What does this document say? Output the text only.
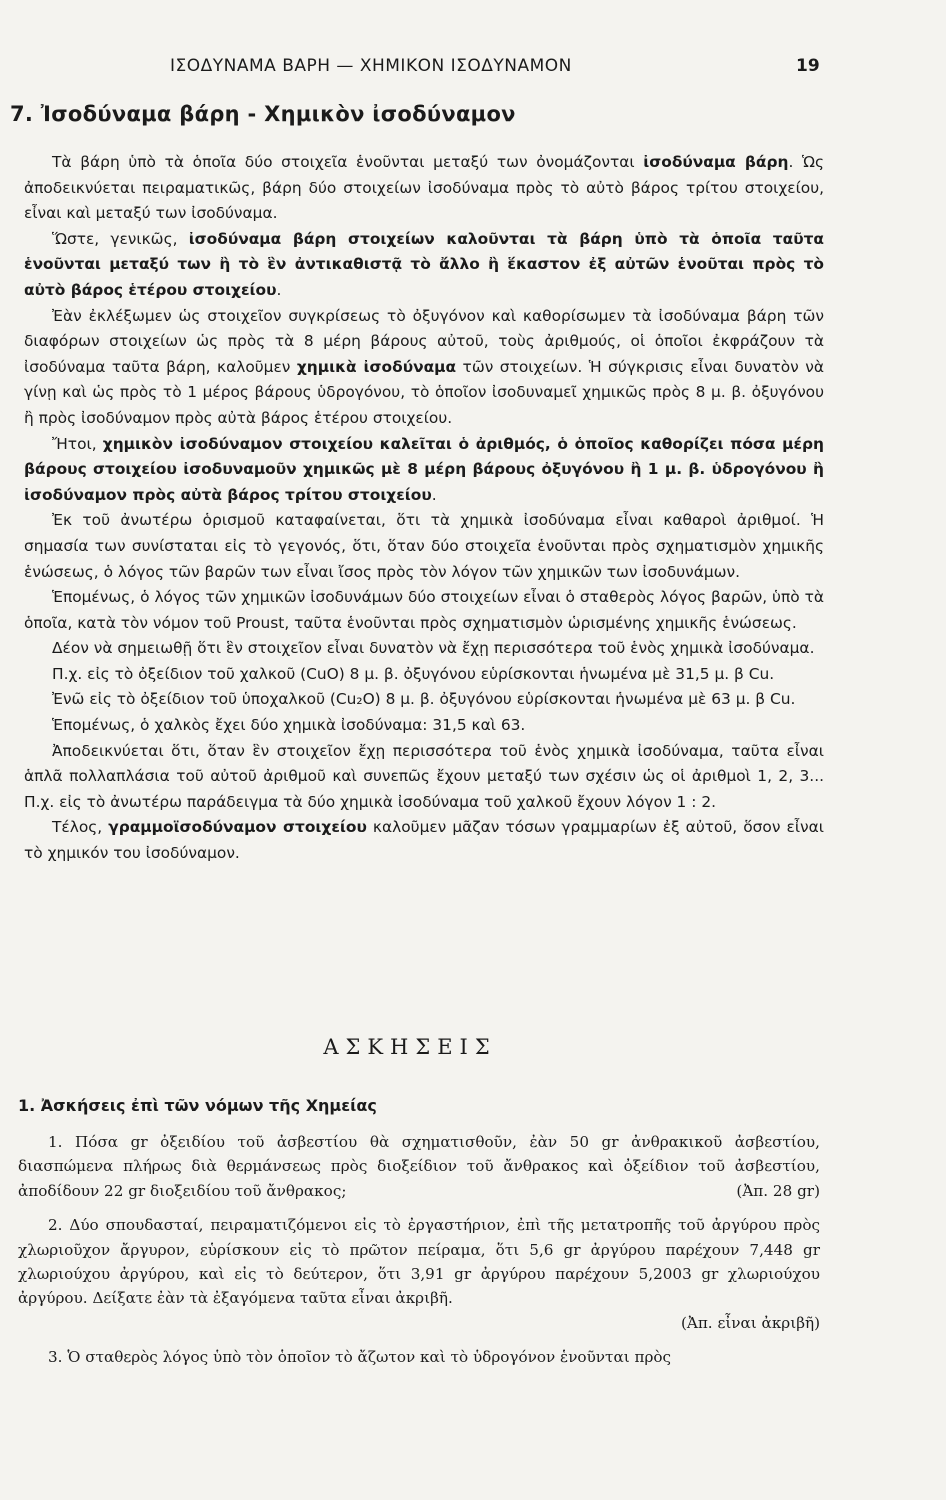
ΙΣΟΔΥΝΑΜΑ ΒΑΡΗ — ΧΗΜΙΚΟΝ ΙΣΟΔΥΝΑΜΟΝ	19
7. Ἰσοδύναμα βάρη - Χημικὸν ἰσοδύναμον

Τὰ βάρη ὑπὸ τὰ ὁποῖα δύο στοιχεῖα ἑνοῦνται μεταξύ των ὀνομάζονται ἰσοδύναμα βάρη. Ὡς ἀποδεικνύεται πειραματικῶς, βάρη δύο στοιχείων ἰσοδύναμα πρὸς τὸ αὐτὸ βάρος τρίτου στοιχείου, εἶναι καὶ μεταξύ των ἰσοδύναμα.

Ὥστε, γενικῶς, ἰσοδύναμα βάρη στοιχείων καλοῦνται τὰ βάρη ὑπὸ τὰ ὁποῖα ταῦτα ἑνοῦνται μεταξύ των ἢ τὸ ἓν ἀντικαθιστᾷ τὸ ἄλλο ἢ ἕκαστον ἐξ αὐτῶν ἑνοῦται πρὸς τὸ αὐτὸ βάρος ἑτέρου στοιχείου.

Ἐὰν ἐκλέξωμεν ὡς στοιχεῖον συγκρίσεως τὸ ὀξυγόνον καὶ καθορίσωμεν τὰ ἰσοδύναμα βάρη τῶν διαφόρων στοιχείων ὡς πρὸς τὰ 8 μέρη βάρους αὐτοῦ, τοὺς ἀριθμούς, οἱ ὁποῖοι ἐκφράζουν τὰ ἰσοδύναμα ταῦτα βάρη, καλοῦμεν χημικὰ ἰσοδύναμα τῶν στοιχείων. Ἡ σύγκρισις εἶναι δυνατὸν νὰ γίνῃ καὶ ὡς πρὸς τὸ 1 μέρος βάρους ὑδρογόνου, τὸ ὁποῖον ἰσοδυναμεῖ χημικῶς πρὸς 8 μ. β. ὀξυγόνου ἢ πρὸς ἰσοδύναμον πρὸς αὐτὰ βάρος ἑτέρου στοιχείου.

Ἤτοι, χημικὸν ἰσοδύναμον στοιχείου καλεῖται ὁ ἀριθμός, ὁ ὁποῖος καθορίζει πόσα μέρη βάρους στοιχείου ἰσοδυναμοῦν χημικῶς μὲ 8 μέρη βάρους ὀξυγόνου ἢ 1 μ. β. ὑδρογόνου ἢ ἰσοδύναμον πρὸς αὐτὰ βάρος τρίτου στοιχείου.

Ἐκ τοῦ ἀνωτέρω ὁρισμοῦ καταφαίνεται, ὅτι τὰ χημικὰ ἰσοδύναμα εἶναι καθαροὶ ἀριθμοί. Ἡ σημασία των συνίσταται εἰς τὸ γεγονός, ὅτι, ὅταν δύο στοιχεῖα ἑνοῦνται πρὸς σχηματισμὸν χημικῆς ἑνώσεως, ὁ λόγος τῶν βαρῶν των εἶναι ἴσος πρὸς τὸν λόγον τῶν χημικῶν των ἰσοδυνάμων.

Ἑπομένως, ὁ λόγος τῶν χημικῶν ἰσοδυνάμων δύο στοιχείων εἶναι ὁ σταθερὸς λόγος βαρῶν, ὑπὸ τὰ ὁποῖα, κατὰ τὸν νόμον τοῦ Proust, ταῦτα ἑνοῦνται πρὸς σχηματισμὸν ὡρισμένης χημικῆς ἑνώσεως.

Δέον νὰ σημειωθῇ ὅτι ἓν στοιχεῖον εἶναι δυνατὸν νὰ ἔχῃ περισσότερα τοῦ ἑνὸς χημικὰ ἰσοδύναμα.

Π.χ. εἰς τὸ ὀξείδιον τοῦ χαλκοῦ (CuO) 8 μ. β. ὀξυγόνου εὑρίσκονται ἡνωμένα μὲ 31,5 μ. β Cu.

Ἐνῶ εἰς τὸ ὀξείδιον τοῦ ὑποχαλκοῦ (Cu₂O) 8 μ. β. ὀξυγόνου εὑρίσκονται ἡνωμένα μὲ 63 μ. β Cu.

Ἑπομένως, ὁ χαλκὸς ἔχει δύο χημικὰ ἰσοδύναμα: 31,5 καὶ 63.

Ἀποδεικνύεται ὅτι, ὅταν ἓν στοιχεῖον ἔχῃ περισσότερα τοῦ ἑνὸς χημικὰ ἰσοδύναμα, ταῦτα εἶναι ἁπλᾶ πολλαπλάσια τοῦ αὐτοῦ ἀριθμοῦ καὶ συνεπῶς ἔχουν μεταξύ των σχέσιν ὡς οἱ ἀριθμοὶ 1, 2, 3... Π.χ. εἰς τὸ ἀνωτέρω παράδειγμα τὰ δύο χημικὰ ἰσοδύναμα τοῦ χαλκοῦ ἔχουν λόγον 1 : 2.

Τέλος, γραμμοϊσοδύναμον στοιχείου καλοῦμεν μᾶζαν τόσων γραμμαρίων ἐξ αὐτοῦ, ὅσον εἶναι τὸ χημικόν του ἰσοδύναμον.

ΑΣΚΗΣΕΙΣ
1. Ἀσκήσεις ἐπὶ τῶν νόμων τῆς Χημείας

1. Πόσα gr ὀξειδίου τοῦ ἀσβεστίου θὰ σχηματισθοῦν, ἐὰν 50 gr ἀνθρακικοῦ ἀσβεστίου, διασπώμενα πλήρως διὰ θερμάνσεως πρὸς διοξείδιον τοῦ ἄνθρακος καὶ ὀξείδιον τοῦ ἀσβεστίου, ἀποδίδουν 22 gr διοξειδίου τοῦ ἄνθρακος;	(Ἀπ. 28 gr)

2. Δύο σπουδασταί, πειραματιζόμενοι εἰς τὸ ἐργαστήριον, ἐπὶ τῆς μετατροπῆς τοῦ ἀργύρου πρὸς χλωριοῦχον ἄργυρον, εὑρίσκουν εἰς τὸ πρῶτον πείραμα, ὅτι 5,6 gr ἀργύρου παρέχουν 7,448 gr χλωριούχου ἀργύρου, καὶ εἰς τὸ δεύτερον, ὅτι 3,91 gr ἀργύρου παρέχουν 5,2003 gr χλωριούχου ἀργύρου. Δείξατε ἐὰν τὰ ἐξαγόμενα ταῦτα εἶναι ἀκριβῆ.
(Ἀπ. εἶναι ἀκριβῆ)

3. Ὁ σταθερὸς λόγος ὑπὸ τὸν ὁποῖον τὸ ἄζωτον καὶ τὸ ὑδρογόνον ἑνοῦνται πρὸς
